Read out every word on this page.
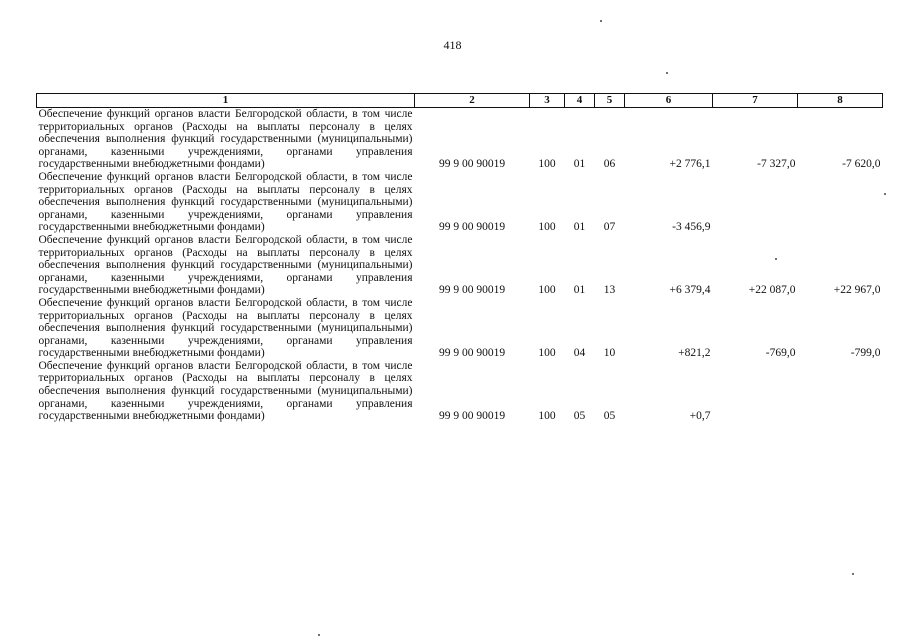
418
1	2	3	4	5	6	7	8
Обеспечение функций органов власти Белгородской области, в том числе территориальных органов (Расходы на выплаты персоналу в целях обеспечения выполнения функций государственными (муниципальными) органами, казенными учреждениями, органами управления государственными внебюджетными фондами)	99 9 00 90019	100	01	06	+2 776,1	-7 327,0	-7 620,0
Обеспечение функций органов власти Белгородской области, в том числе территориальных органов (Расходы на выплаты персоналу в целях обеспечения выполнения функций государственными (муниципальными) органами, казенными учреждениями, органами управления государственными внебюджетными фондами)	99 9 00 90019	100	01	07	-3 456,9		
Обеспечение функций органов власти Белгородской области, в том числе территориальных органов (Расходы на выплаты персоналу в целях обеспечения выполнения функций государственными (муниципальными) органами, казенными учреждениями, органами управления государственными внебюджетными фондами)	99 9 00 90019	100	01	13	+6 379,4	+22 087,0	+22 967,0
Обеспечение функций органов власти Белгородской области, в том числе территориальных органов (Расходы на выплаты персоналу в целях обеспечения выполнения функций государственными (муниципальными) органами, казенными учреждениями, органами управления государственными внебюджетными фондами)	99 9 00 90019	100	04	10	+821,2	-769,0	-799,0
Обеспечение функций органов власти Белгородской области, в том числе территориальных органов (Расходы на выплаты персоналу в целях обеспечения выполнения функций государственными (муниципальными) органами, казенными учреждениями, органами управления государственными внебюджетными фондами)	99 9 00 90019	100	05	05	+0,7		
